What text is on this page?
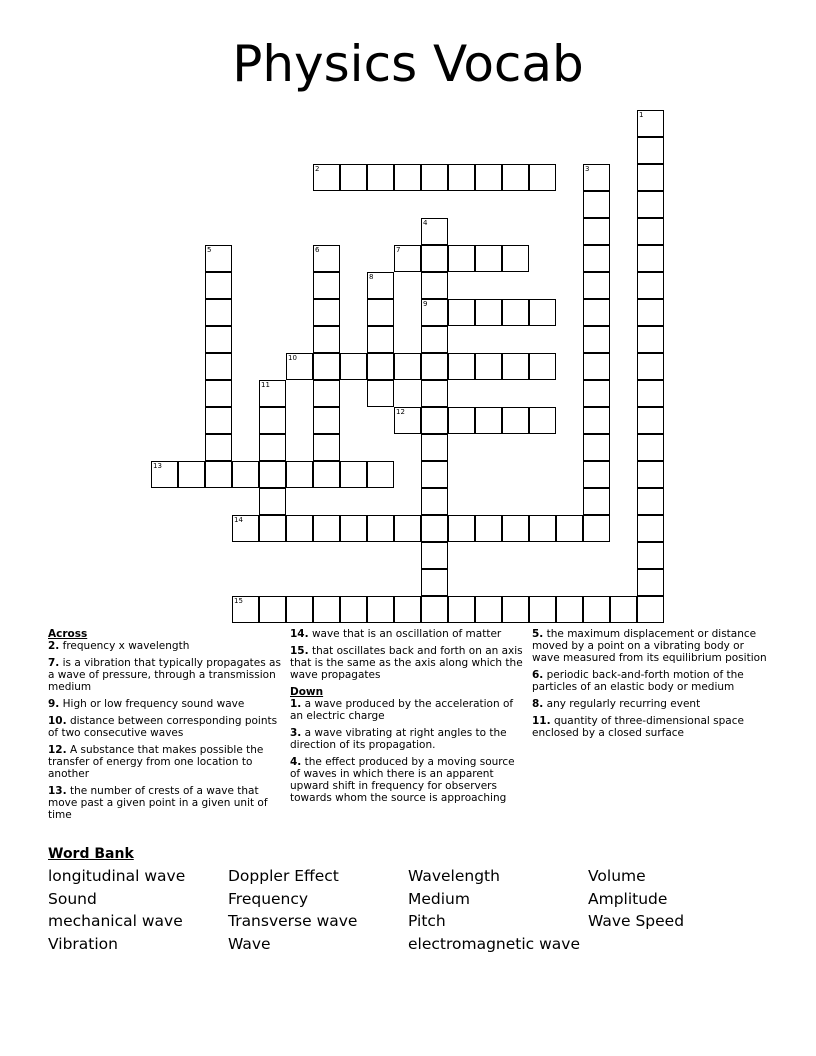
Physics Vocab
1
2	3
4
9
5	6	7
8
10
11
12
13
14
15
Across
2. frequency x wavelength
7. is a vibration that typically propagates as a wave of pressure, through a transmission medium
9. High or low frequency sound wave
10. distance between corresponding points of two consecutive waves
12. A substance that makes possible the transfer of energy from one location to another
13. the number of crests of a wave that move past a given point in a given unit of time
14. wave that is an oscillation of matter
15. that oscillates back and forth on an axis that is the same as the axis along which the wave propagates
Down
1. a wave produced by the acceleration of an electric charge
3. a wave vibrating at right angles to the direction of its propagation.
4. the effect produced by a moving source of waves in which there is an apparent upward shift in frequency for observers towards whom the source is approaching
5. the maximum displacement or distance moved by a point on a vibrating body or wave measured from its equilibrium position
6. periodic back-and-forth motion of the particles of an elastic body or medium
8. any regularly recurring event
11. quantity of three-dimensional space enclosed by a closed surface
Word Bank
longitudinal wave	Doppler Effect	Wavelength	Volume
Sound	Frequency	Medium	Amplitude
mechanical wave	Transverse wave	Pitch	Wave Speed
Vibration	Wave	electromagnetic wave
